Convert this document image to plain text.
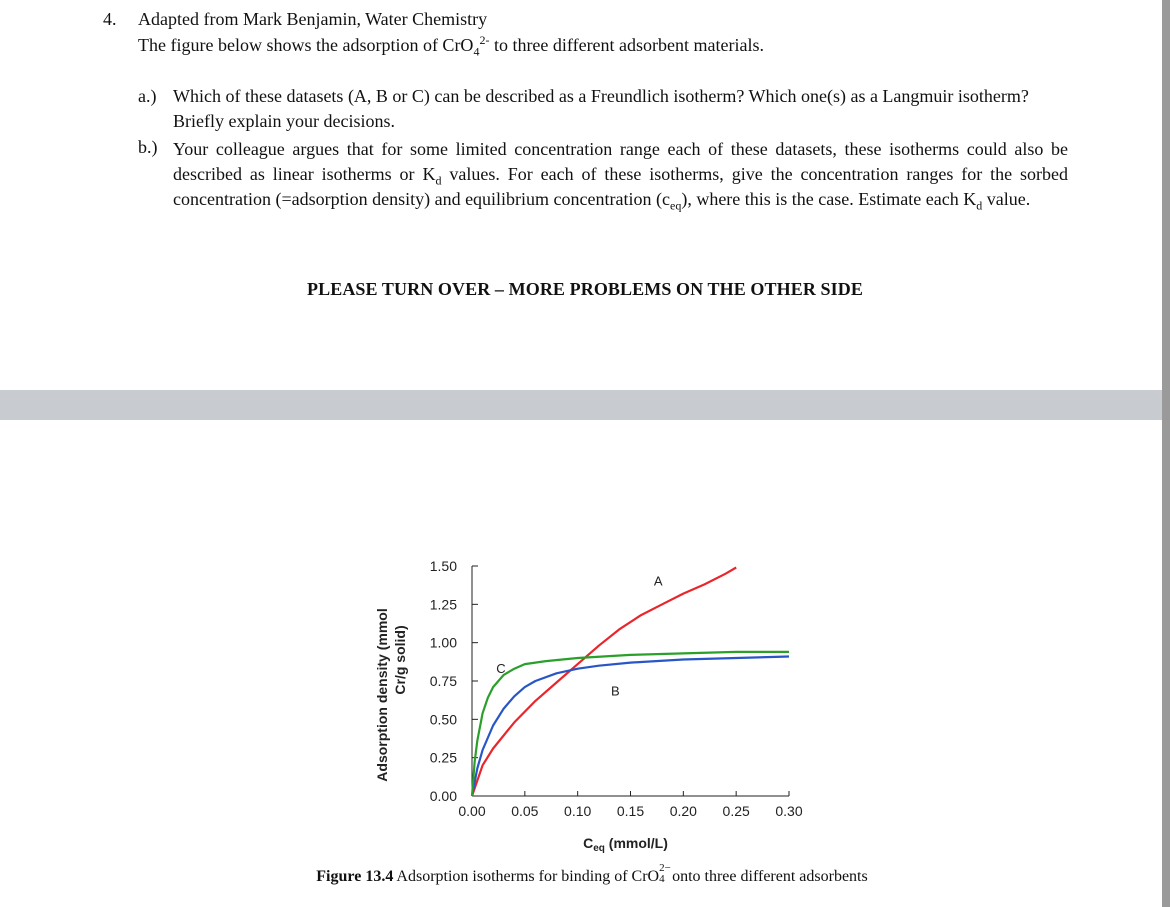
4. Adapted from Mark Benjamin, Water Chemistry
The figure below shows the adsorption of CrO$_4^{2-}$ to three different adsorbent materials.
a.) Which of these datasets (A, B or C) can be described as a Freundlich isotherm? Which one(s) as a Langmuir isotherm?
Briefly explain your decisions.
b.) Your colleague argues that for some limited concentration range each of these datasets, these isotherms could also be described as linear isotherms or $K_d$ values. For each of these isotherms, give the concentration ranges for the sorbed concentration (=adsorption density) and equilibrium concentration $(c_{eq})$, where this is the case. Estimate each $K_d$ value.
PLEASE TURN OVER – MORE PROBLEMS ON THE OTHER SIDE
0.00
0.25
0.50
0.75
1.00
1.25
1.50
0.00 0.05 0.10 0.15 0.20 0.25 0.30
A
B
C
$C_{eq}$ (mmol/L)
Adsorption density (mmol Cr/g solid)
Figure 13.4 Adsorption isotherms for binding of CrO 2−
4 onto three different adsorbents
